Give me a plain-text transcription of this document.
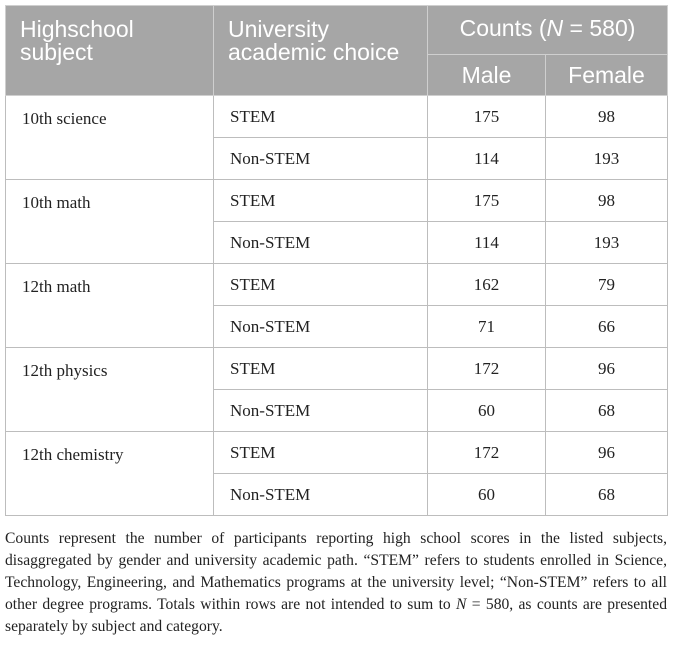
Highschool subject	University academic choice	Counts (N = 580)	
		Male	Female
10th science	STEM	175	98
	Non-STEM	114	193
10th math	STEM	175	98
	Non-STEM	114	193
12th math	STEM	162	79
	Non-STEM	71	66
12th physics	STEM	172	96
	Non-STEM	60	68
12th chemistry	STEM	172	96
	Non-STEM	60	68

Counts represent the number of participants reporting high school scores in the listed subjects, disaggregated by gender and university academic path. “STEM” refers to students enrolled in Science, Technology, Engineering, and Mathematics programs at the university level; “Non-STEM” refers to all other degree programs. Totals within rows are not intended to sum to N = 580, as counts are presented separately by subject and category.
